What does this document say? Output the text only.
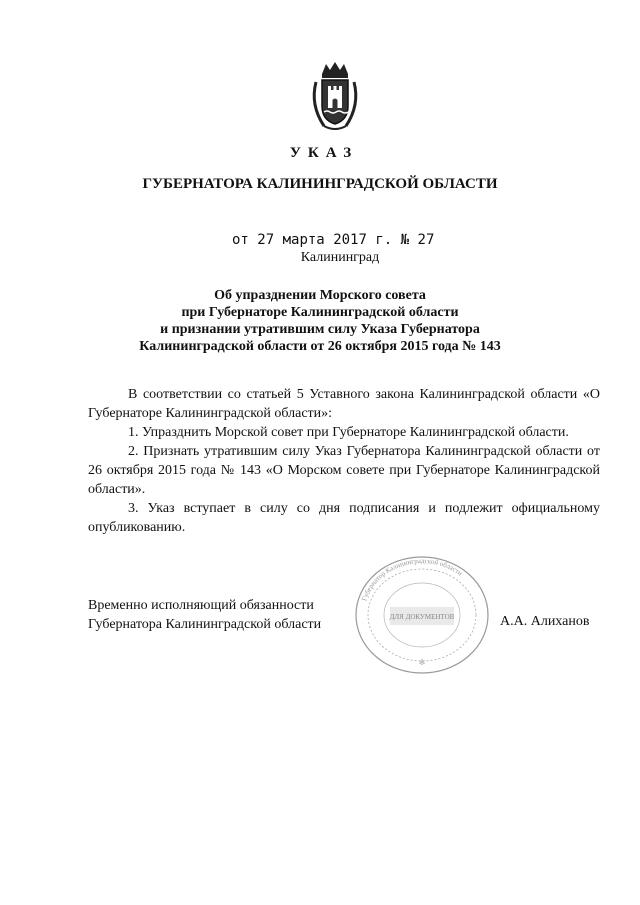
УКАЗ
ГУБЕРНАТОРА КАЛИНИНГРАДСКОЙ ОБЛАСТИ
от 27 марта 2017 г. № 27
Калининград
Об упразднении Морского совета
при Губернаторе Калининградской области
и признании утратившим силу Указа Губернатора
Калининградской области от 26 октября 2015 года № 143

В соответствии со статьей 5 Уставного закона Калининградской области «О Губернаторе Калининградской области»:

1. Упразднить Морской совет при Губернаторе Калининградской области.

2. Признать утратившим силу Указ Губернатора Калининградской области от 26 октября 2015 года № 143 «О Морском совете при Губернаторе Калининградской области».

3. Указ вступает в силу со дня подписания и подлежит официальному опубликованию.

ДЛЯ ДОКУМЕНТОВ
Губернатор Калининградской области
✻
Временно исполняющий обязанности
Губернатора Калининградской области	А.А. Алиханов
